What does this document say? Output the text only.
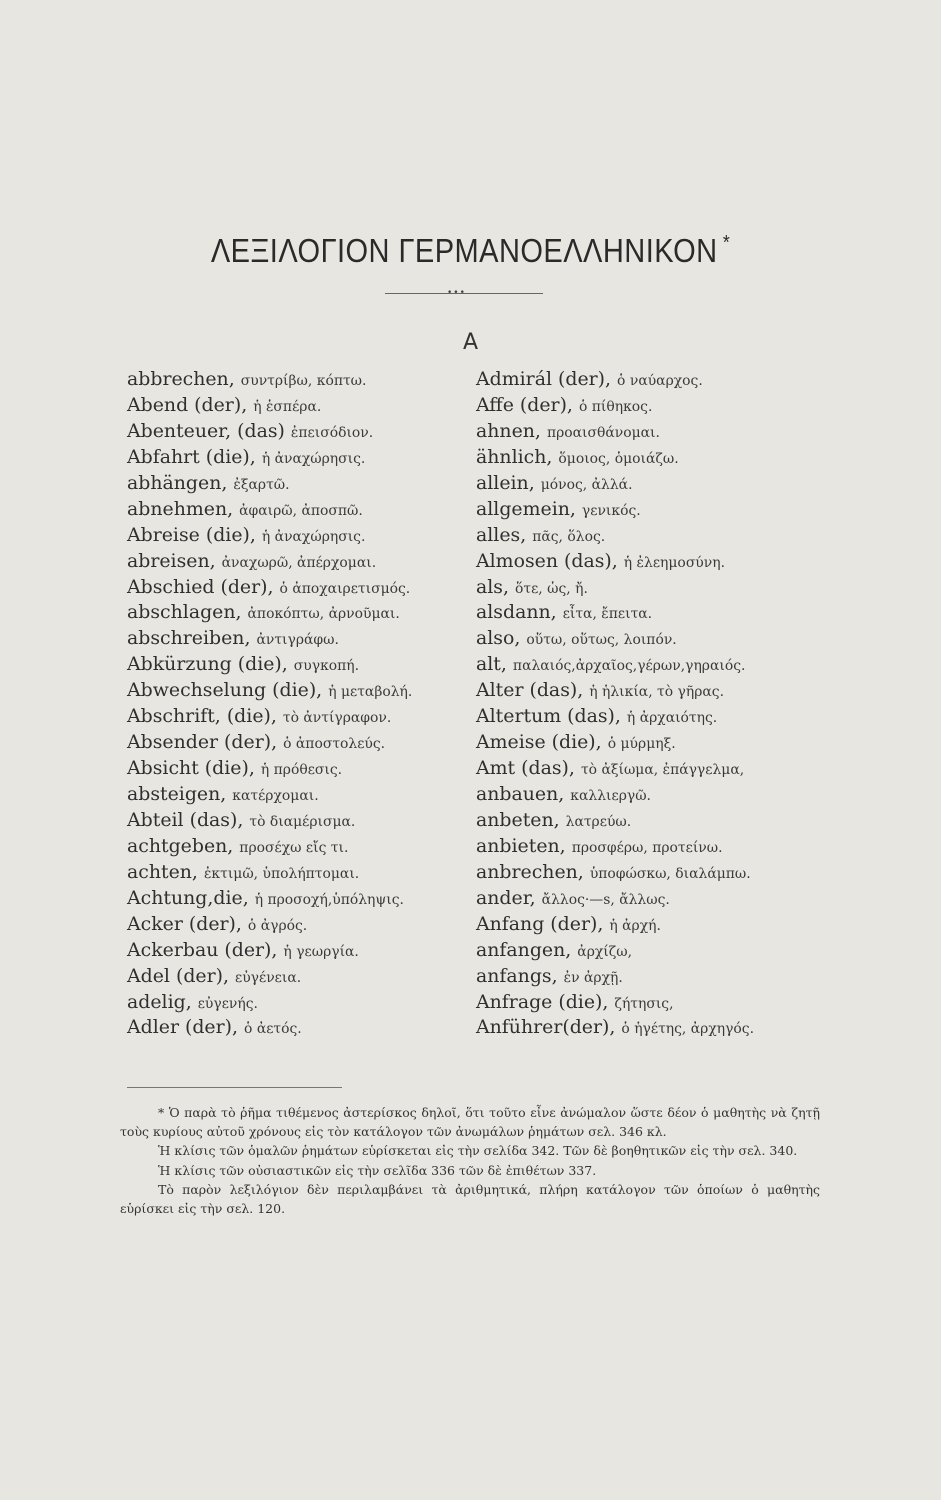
ΛΕΞΙΛΟΓΙΟΝ ΓΕΡΜΑΝΟΕΛΛΗΝΙΚΟΝ *
•••
A
abbrechen, συντρίβω, κόπτω.
Abend (der), ἡ ἑσπέρα.
Abenteuer, (das) ἐπεισόδιον.
Abfahrt (die), ἡ ἀναχώρησις.
abhängen, ἐξαρτῶ.
abnehmen, ἀφαιρῶ, ἀποσπῶ.
Abreise (die), ἡ ἀναχώρησις.
abreisen, ἀναχωρῶ, ἀπέρχομαι.
Abschied (der), ὁ ἀποχαιρετισμός.
abschlagen, ἀποκόπτω, ἀρνοῦμαι.
abschreiben, ἀντιγράφω.
Abkürzung (die), συγκοπή.
Abwechselung (die), ἡ μεταβολή.
Abschrift, (die), τὸ ἀντίγραφον.
Absender (der), ὁ ἀποστολεύς.
Absicht (die), ἡ πρόθεσις.
absteigen, κατέρχομαι.
Abteil (das), τὸ διαμέρισμα.
achtgeben, προσέχω εἴς τι.
achten, ἐκτιμῶ, ὑπολήπτομαι.
Achtung,die, ἡ προσοχή,ὑπόληψις.
Acker (der), ὁ ἀγρός.
Ackerbau (der), ἡ γεωργία.
Adel (der), εὐγένεια.
adelig, εὐγενής.
Adler (der), ὁ ἀετός.
Admirál (der), ὁ ναύαρχος.
Affe (der), ὁ πίθηκος.
ahnen, προαισθάνομαι.
ähnlich, ὅμοιος, ὁμοιάζω.
allein, μόνος, ἀλλά.
allgemein, γενικός.
alles, πᾶς, ὅλος.
Almosen (das), ἡ ἐλεημοσύνη.
als, ὅτε, ὡς, ἤ.
alsdann, εἶτα, ἔπειτα.
also, οὕτω, οὕτως, λοιπόν.
alt, παλαιός,ἀρχαῖος,γέρων,γηραιός.
Alter (das), ἡ ἡλικία, τὸ γῆρας.
Altertum (das), ἡ ἀρχαιότης.
Ameise (die), ὁ μύρμηξ.
Amt (das), τὸ ἀξίωμα, ἐπάγγελμα,
anbauen, καλλιεργῶ.
anbeten, λατρεύω.
anbieten, προσφέρω, προτείνω.
anbrechen, ὑποφώσκω, διαλάμπω.
ander, ἄλλος·—s, ἄλλως.
Anfang (der), ἡ ἀρχή.
anfangen, ἀρχίζω,
anfangs, ἐν ἀρχῇ.
Anfrage (die), ζήτησις,
Anführer(der), ὁ ἡγέτης, ἀρχηγός.

* Ὁ παρὰ τὸ ῥῆμα τιθέμενος ἀστερίσκος δηλοῖ, ὅτι τοῦτο εἶνε ἀνώμαλον ὥστε δέον ὁ μαθητὴς νὰ ζητῇ τοὺς κυρίους αὐτοῦ χρόνους εἰς τὸν κατάλογον τῶν ἀνωμάλων ῥημάτων σελ. 346 κλ.

Ἡ κλίσις τῶν ὁμαλῶν ῥημάτων εὑρίσκεται εἰς τὴν σελίδα 342. Τῶν δὲ βοηθητικῶν εἰς τὴν σελ. 340.

Ἡ κλίσις τῶν οὐσιαστικῶν εἰς τὴν σελῖδα 336 τῶν δὲ ἐπιθέτων 337.

Τὸ παρὸν λεξιλόγιον δὲν περιλαμβάνει τὰ ἀριθμητικά, πλήρη κατάλογον τῶν ὁποίων ὁ μαθητὴς εὑρίσκει εἰς τὴν σελ. 120.
